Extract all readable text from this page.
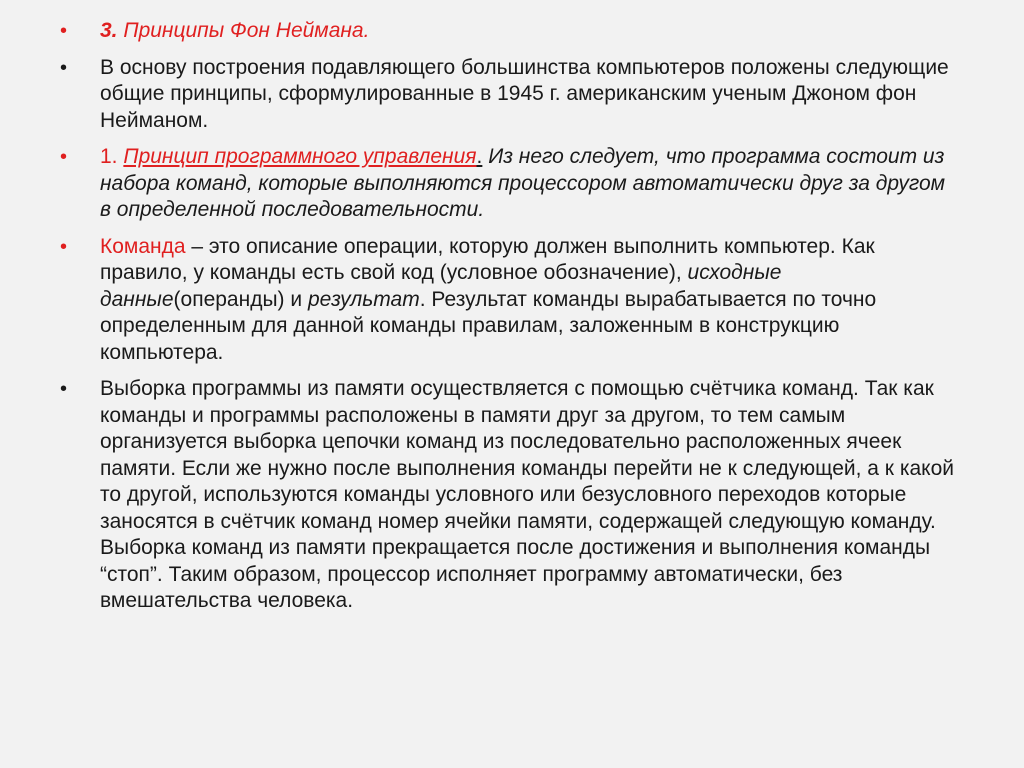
• 3. Принципы Фон Неймана.
• В основу построения подавляющего большинства компьютеров положены следующие общие принципы, сформулированные в 1945 г. американским ученым Джоном фон Нейманом.
• 1. Принцип программного управления. Из него следует, что программа состоит из набора команд, которые выполняются процессором автоматически друг за другом в определенной последовательности.
• Команда – это описание операции, которую должен выполнить компьютер. Как правило, у команды есть свой код (условное обозначение), исходные данные(операнды) и результат. Результат команды вырабатывается по точно определенным для данной команды правилам, заложенным в конструкцию компьютера.
• Выборка программы из памяти осуществляется с помощью счётчика команд. Так как команды и программы расположены в памяти друг за другом, то тем самым организуется выборка цепочки команд из последовательно расположенных ячеек памяти. Если же нужно после выполнения команды перейти не к следующей, а к какой то другой, используются команды условного или безусловного переходов которые заносятся в счётчик команд номер ячейки памяти, содержащей следующую команду. Выборка команд из памяти прекращается после достижения и выполнения команды “стоп”. Таким образом, процессор исполняет программу автоматически, без вмешательства человека.
